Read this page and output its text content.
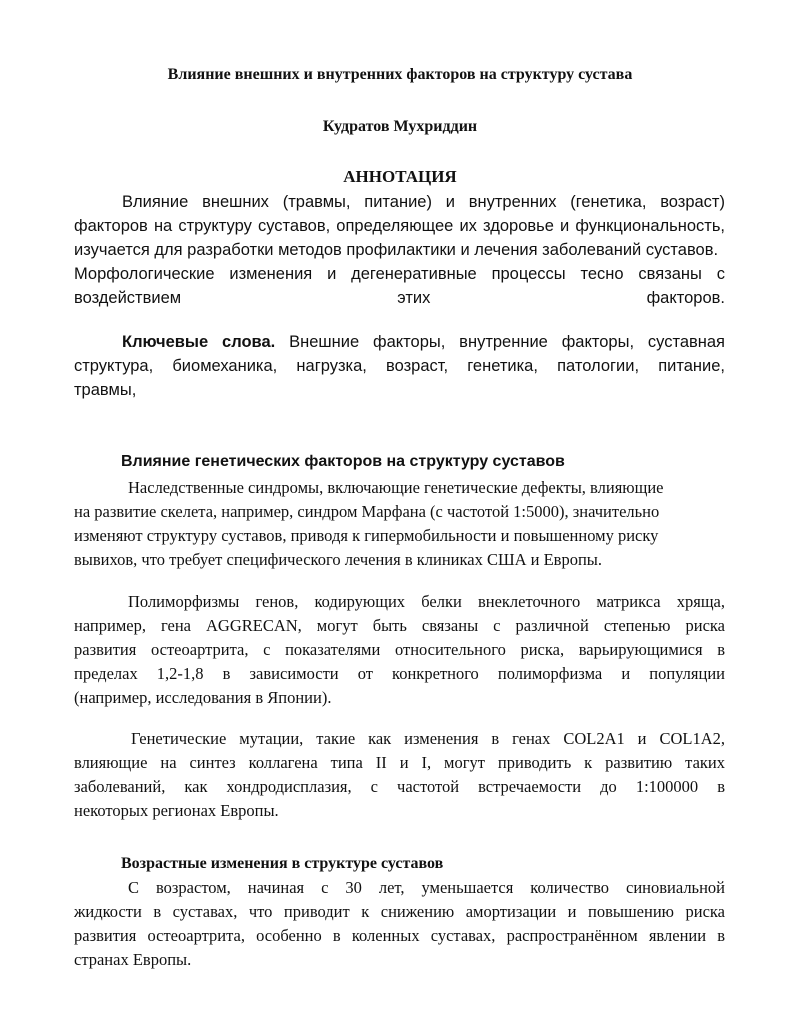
Влияние внешних и внутренних факторов на структуру сустава
Кудратов Мухриддин
АННОТАЦИЯ
Влияние внешних (травмы, питание) и внутренних (генетика, возраст)
факторов на структуру суставов, определяющее их здоровье и функциональность,
изучается для разработки методов профилактики и лечения заболеваний суставов.
Морфологические изменения и дегенеративные процессы тесно связаны с
воздействием этих факторов.
Ключевые слова. Внешние факторы, внутренние факторы, суставная
структура, биомеханика, нагрузка, возраст, генетика, патологии, питание,
травмы,
Влияние генетических факторов на структуру суставов
Наследственные синдромы, включающие генетические дефекты, влияющие
на развитие скелета, например, синдром Марфана (с частотой 1:5000), значительно
изменяют структуру суставов, приводя к гипермобильности и повышенному риску
вывихов, что требует специфического лечения в клиниках США и Европы.
Полиморфизмы генов, кодирующих белки внеклеточного матрикса хряща,
например, гена AGGRECAN, могут быть связаны с различной степенью риска
развития остеоартрита, с показателями относительного риска, варьирующимися в
пределах 1,2-1,8 в зависимости от конкретного полиморфизма и популяции
(например, исследования в Японии).
Генетические мутации, такие как изменения в генах COL2A1 и COL1A2,
влияющие на синтез коллагена типа II и I, могут приводить к развитию таких
заболеваний, как хондродисплазия, с частотой встречаемости до 1:100000 в
некоторых регионах Европы.
Возрастные изменения в структуре суставов
С возрастом, начиная с 30 лет, уменьшается количество синовиальной
жидкости в суставах, что приводит к снижению амортизации и повышению риска
развития остеоартрита, особенно в коленных суставах, распространённом явлении в
странах Европы.
